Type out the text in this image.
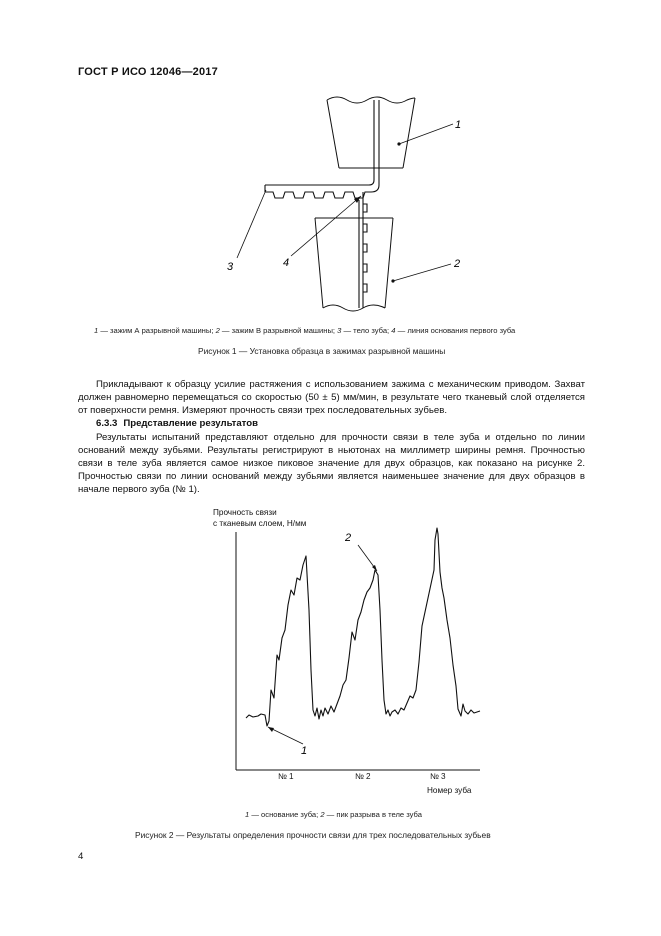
ГОСТ Р ИСО 12046—2017
1
2
3	4
1 — зажим А разрывной машины; 2 — зажим В разрывной машины; 3 — тело зуба; 4 — линия основания первого зуба
Рисунок 1 — Установка образца в зажимах разрывной машины

Прикладывают к образцу усилие растяжения с использованием зажима с механическим приводом. Захват должен равномерно перемещаться со скоростью (50 ± 5) мм/мин, в результате чего тканевый слой отделяется от поверхности ремня. Измеряют прочность связи трех последовательных зубьев.

6.3.3 Представление результатов

Результаты испытаний представляют отдельно для прочности связи в теле зуба и отдельно по линии оснований между зубьями. Результаты регистрируют в ньютонах на миллиметр ширины ремня. Прочностью связи в теле зуба является самое низкое пиковое значение для двух образцов, как показано на рисунке 2. Прочностью связи по линии оснований между зубьями является наименьшее значение для двух образцов в начале первого зуба (№ 1).

Прочность связи
с тканевым слоем, Н/мм
1
2
№ 1	№ 2	№ 3
Номер зуба
1 — основание зуба; 2 — пик разрыва в теле зуба
Рисунок 2 — Результаты определения прочности связи для трех последовательных зубьев
4
